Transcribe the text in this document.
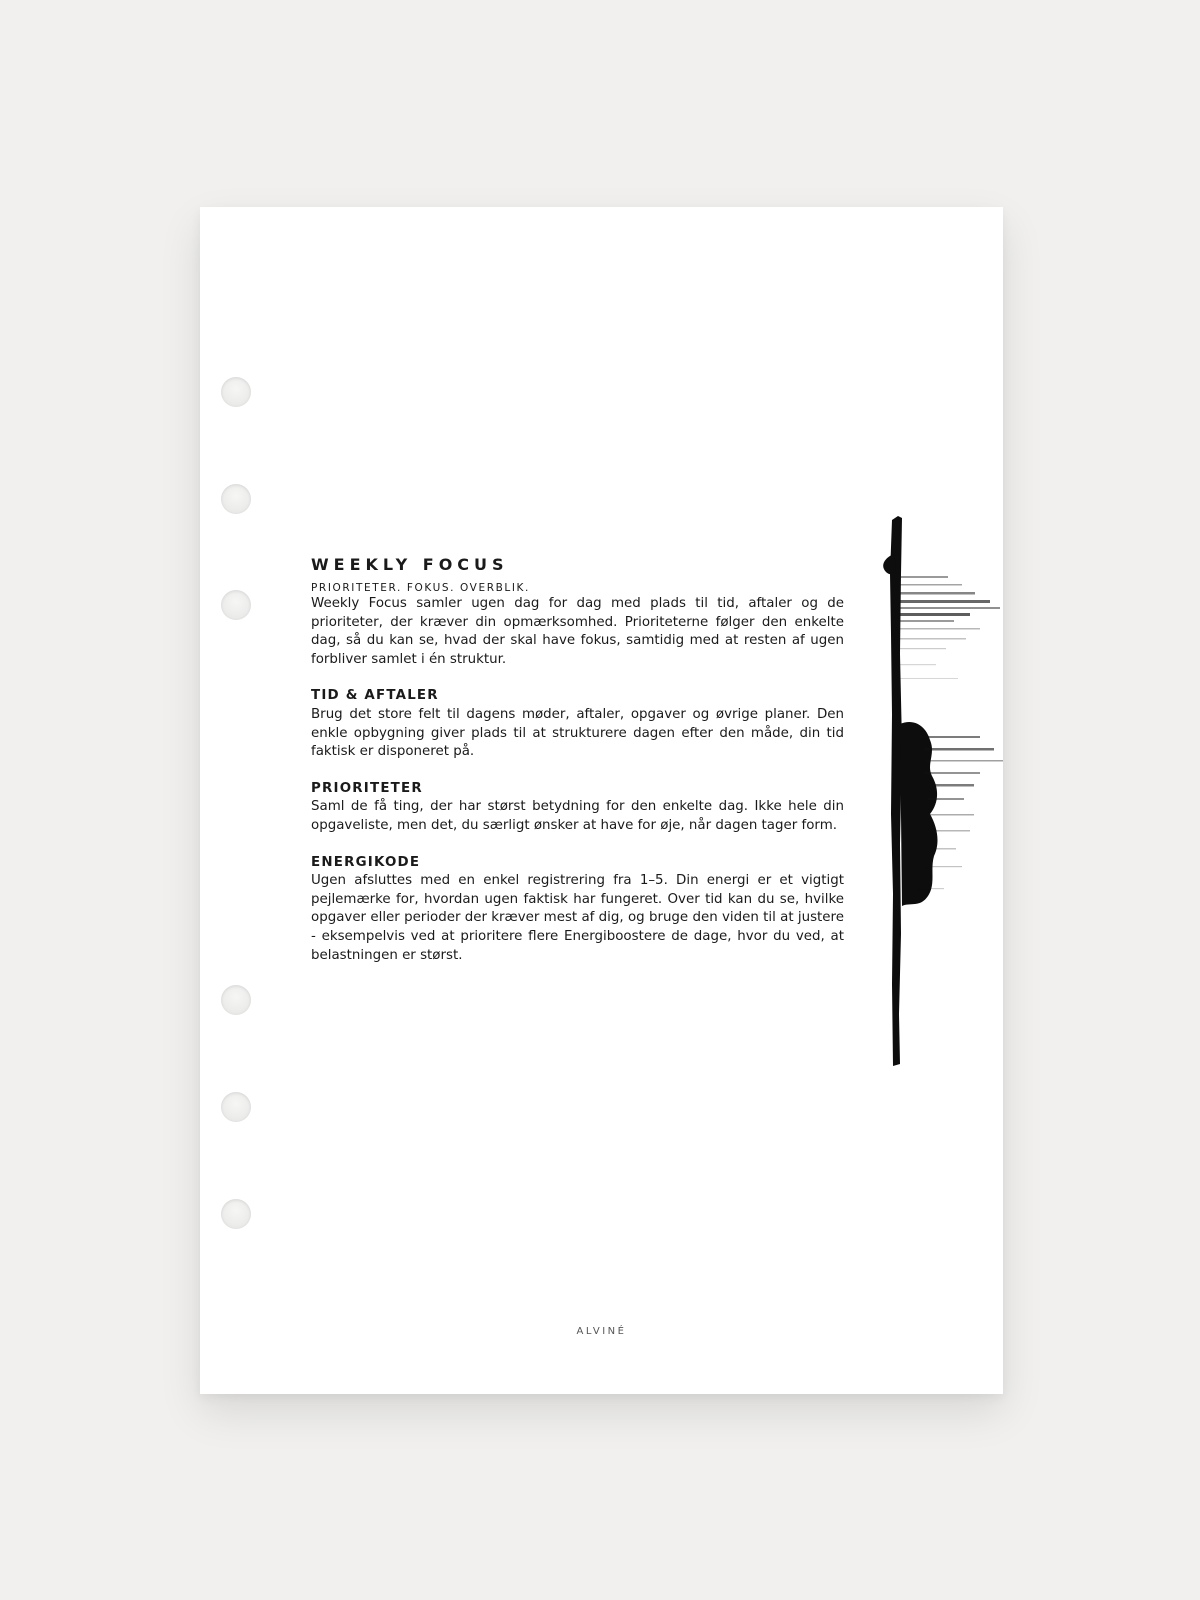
WEEKLY FOCUS
PRIORITETER. FOKUS. OVERBLIK.

Weekly Focus samler ugen dag for dag med plads til tid, aftaler og de prioriteter, der kræver din opmærksomhed. Prioriteterne følger den enkelte dag, så du kan se, hvad der skal have fokus, samtidig med at resten af ugen forbliver samlet i én struktur.

TID & AFTALER

Brug det store felt til dagens møder, aftaler, opgaver og øvrige planer. Den enkle opbygning giver plads til at strukturere dagen efter den måde, din tid faktisk er disponeret på.

PRIORITETER

Saml de få ting, der har størst betydning for den enkelte dag. Ikke hele din opgaveliste, men det, du særligt ønsker at have for øje, når dagen tager form.

ENERGIKODE

Ugen afsluttes med en enkel registrering fra 1–5. Din energi er et vigtigt pejlemærke for, hvordan ugen faktisk har fungeret. Over tid kan du se, hvilke opgaver eller perioder der kræver mest af dig, og bruge den viden til at justere - eksempelvis ved at prioritere flere Energiboostere de dage, hvor du ved, at belastningen er størst.

ALVINÉ
